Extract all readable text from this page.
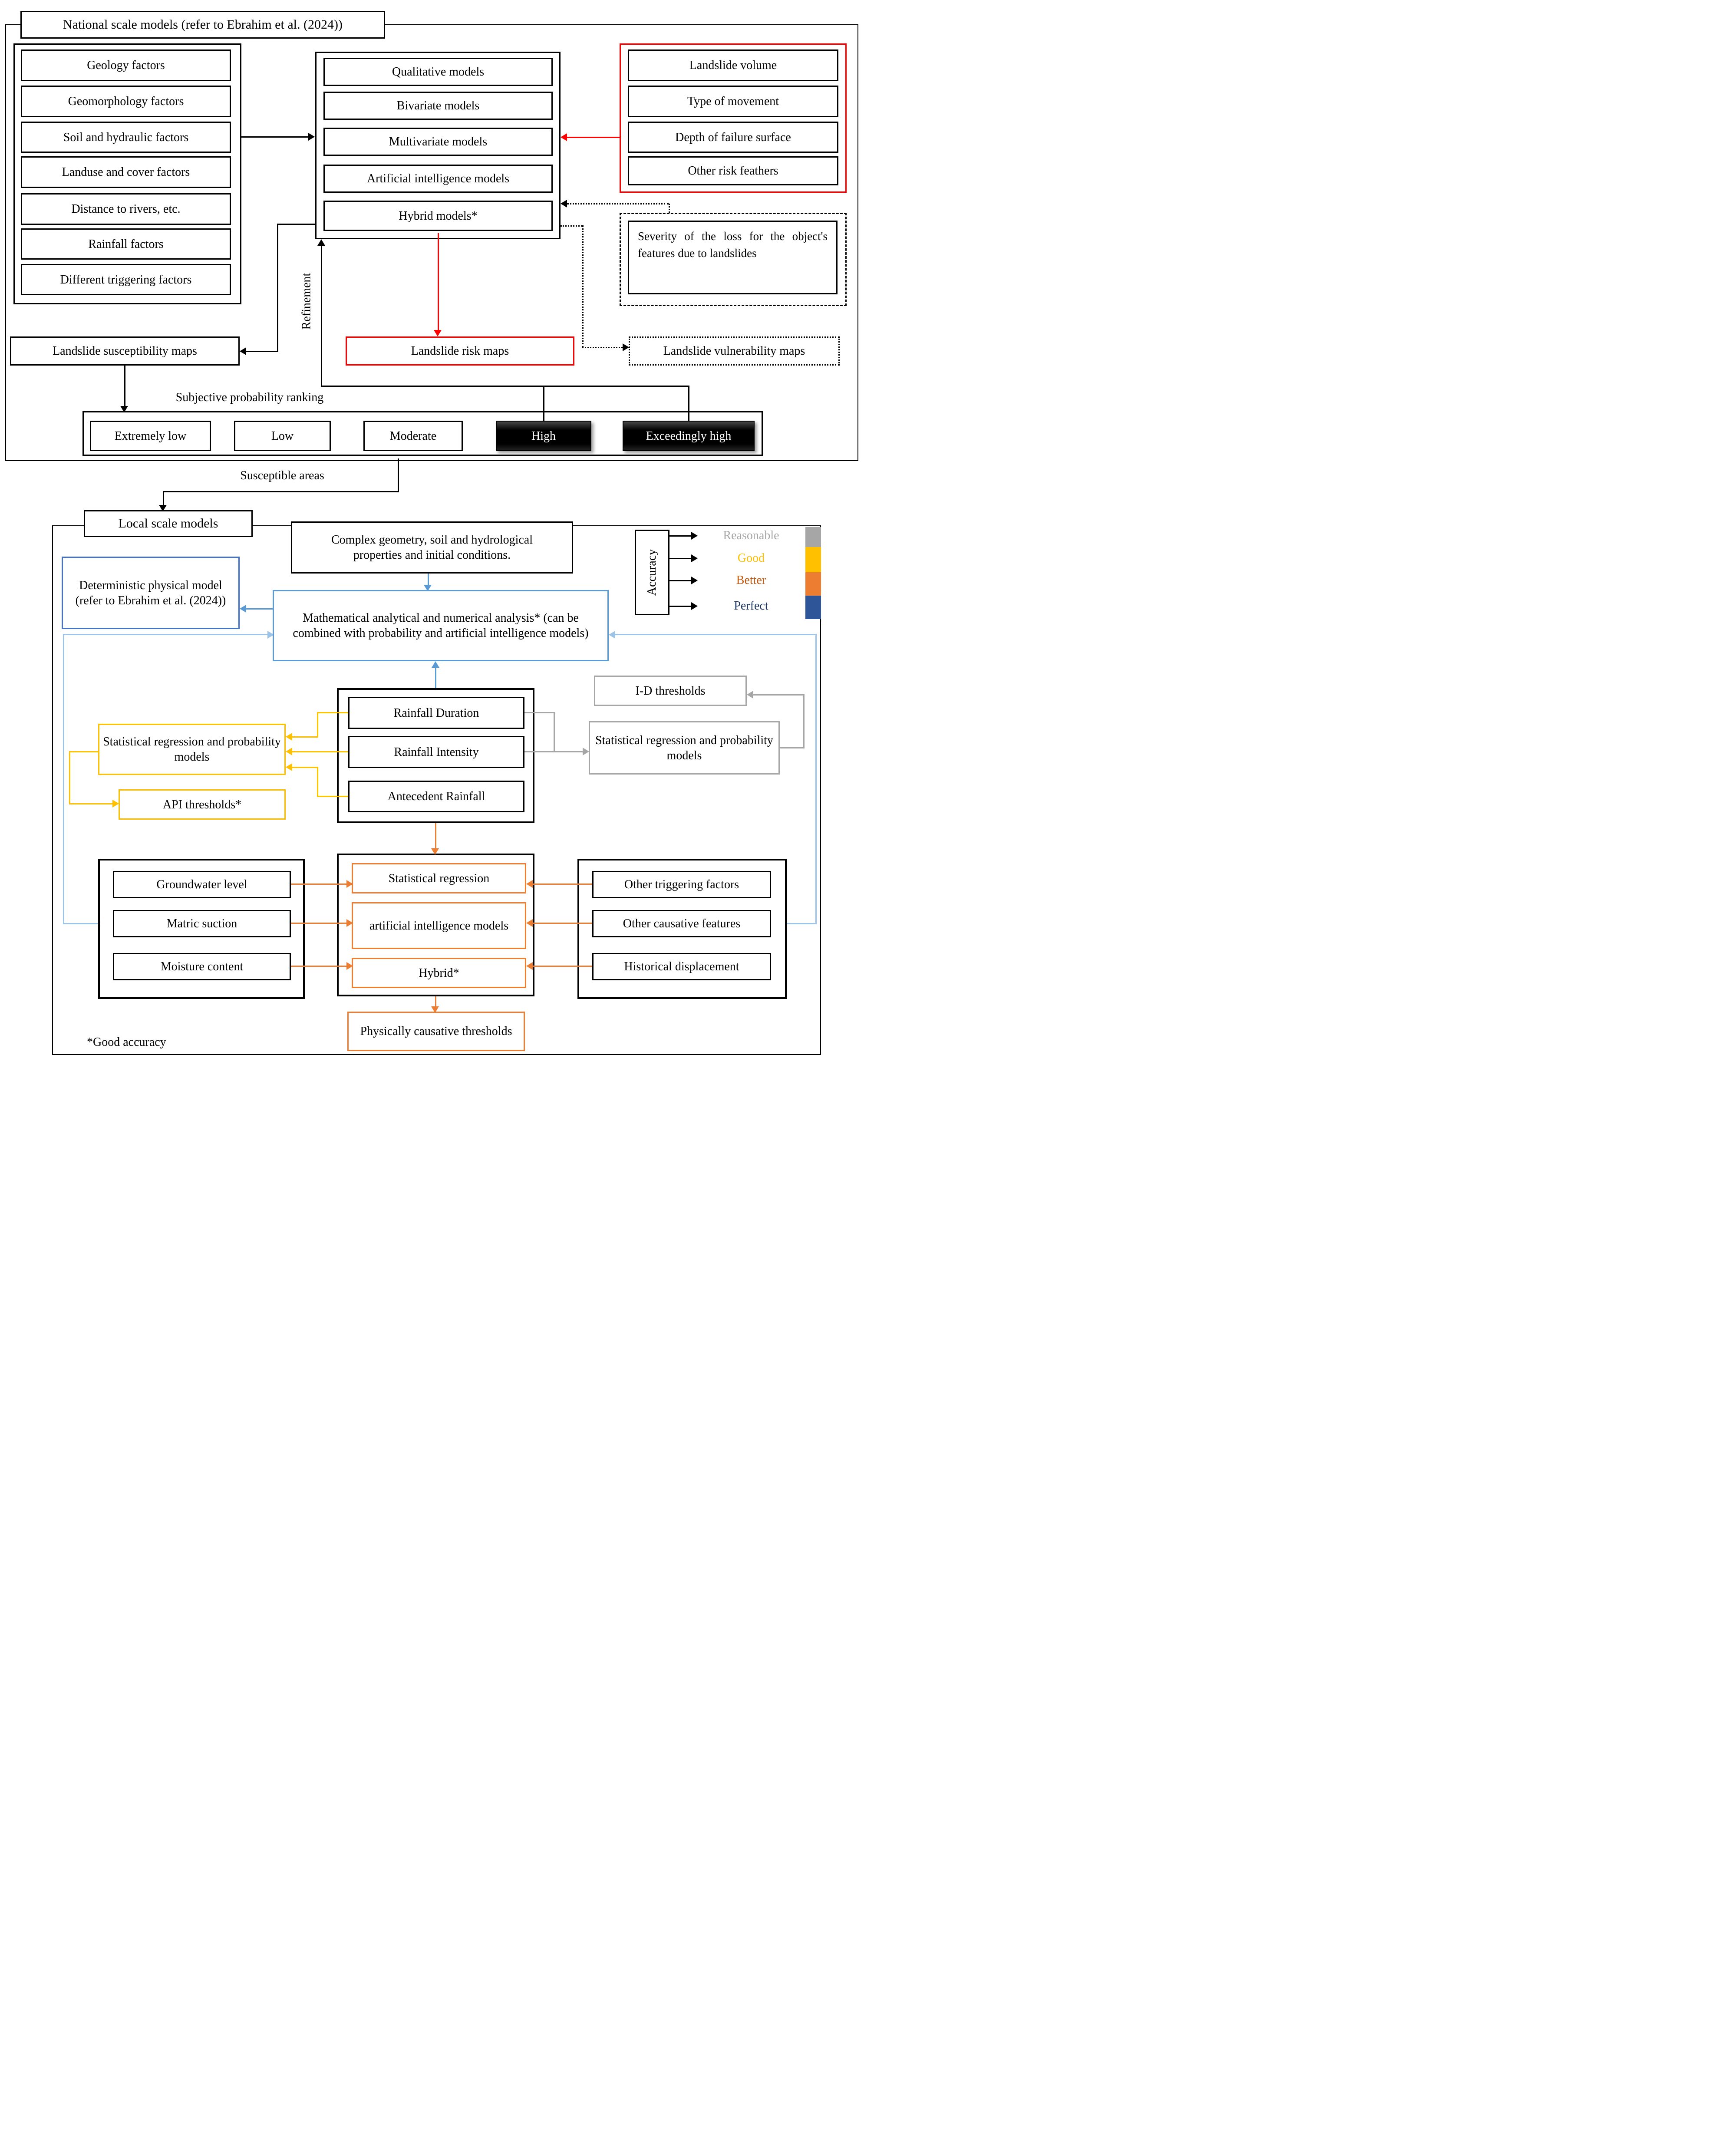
National scale models (refer to Ebrahim et al. (2024))
Geology factors
Geomorphology factors
Soil and hydraulic factors
Landuse and cover factors
Distance to rivers, etc.
Rainfall factors
Different triggering factors
Qualitative models
Bivariate models
Multivariate models
Artificial intelligence models
Hybrid models*
Landslide volume
Type of movement
Depth of failure surface
Other risk feathers
Severity of the loss for the object's features due to landslides
Landslide susceptibility maps	Landslide risk maps	Landslide vulnerability maps
Refinement
Subjective probability ranking
Extremely low	Low	Moderate	High	Exceedingly high
Susceptible areas
Accuracy
Reasonable
Good
Better
Perfect
Local scale models
Complex geometry, soil and hydrological properties and initial conditions.
Deterministic physical model (refer to Ebrahim et al. (2024))
Mathematical analytical and numerical analysis* (can be combined with probability and artificial intelligence models)
Rainfall Duration
Rainfall Intensity
Antecedent Rainfall
Statistical regression and probability models
API thresholds*
I-D thresholds
Statistical regression and probability models
Groundwater level
Matric suction
Moisture content
Statistical regression
artificial intelligence models
Hybrid*
Other triggering factors
Other causative features
Historical displacement
Physically causative thresholds
*Good accuracy
